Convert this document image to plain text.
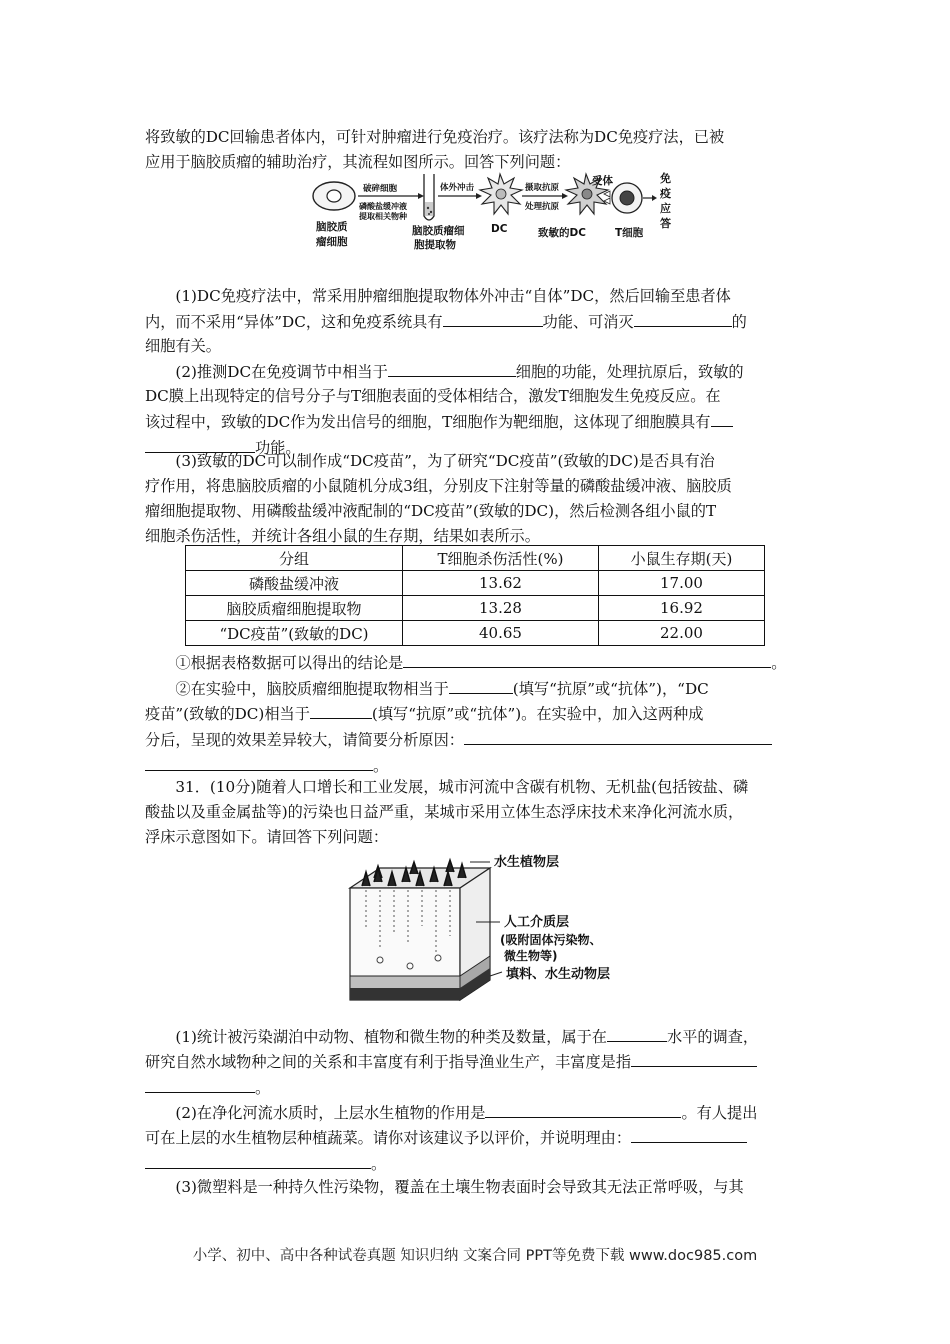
将致敏的DC回输患者体内，可针对肿瘤进行免疫治疗。该疗法称为DC免疫疗法，已被
应用于脑胶质瘤的辅助治疗，其流程如图所示。回答下列问题：

脑胶质
瘤细胞
破碎细胞
磷酸盐缓冲液
提取相关物种
脑胶质瘤细
胞提取物
体外冲击
DC
摄取抗原
处理抗原
致敏的DC
受体
T细胞
免
疫
应
答

(1)DC免疫疗法中，常采用肿瘤细胞提取物体外冲击“自体”DC，然后回输至患者体
内，而不采用“异体”DC，这和免疫系统具有	功能、可消灭	的

细胞有关。

(2)推测DC在免疫调节中相当于	细胞的功能，处理抗原后，致敏的

DC膜上出现特定的信号分子与T细胞表面的受体相结合，激发T细胞发生免疫反应。在
该过程中，致敏的DC作为发出信号的细胞，T细胞作为靶细胞，这体现了细胞膜具有
功能。

(3)致敏的DC可以制作成“DC疫苗”，为了研究“DC疫苗”(致敏的DC)是否具有治

疗作用，将患脑胶质瘤的小鼠随机分成3组，分别皮下注射等量的磷酸盐缓冲液、脑胶质
瘤细胞提取物、用磷酸盐缓冲液配制的“DC疫苗”(致敏的DC)，然后检测各组小鼠的T
细胞杀伤活性，并统计各组小鼠的生存期，结果如表所示。

分组	T细胞杀伤活性(%)	小鼠生存期(天)
磷酸盐缓冲液	13.62	17.00
脑胶质瘤细胞提取物	13.28	16.92
“DC疫苗”(致敏的DC)	40.65	22.00

①根据表格数据可以得出的结论是	。

②在实验中，脑胶质瘤细胞提取物相当于	(填写“抗原”或“抗体”)，“DC

疫苗”(致敏的DC)相当于	(填写“抗原”或“抗体”)。在实验中，加入这两种成
分后，呈现的效果差异较大，请简要分析原因：
。

31．(10分)随着人口增长和工业发展，城市河流中含碳有机物、无机盐(包括铵盐、磷

酸盐以及重金属盐等)的污染也日益严重，某城市采用立体生态浮床技术来净化河流水质，
浮床示意图如下。请回答下列问题：

水生植物层
人工介质层
(吸附固体污染物、
微生物等)
填料、水生动物层

(1)统计被污染湖泊中动物、植物和微生物的种类及数量，属于在	水平的调查，

研究自然水域物种之间的关系和丰富度有利于指导渔业生产，丰富度是指
。

(2)在净化河流水质时，上层水生植物的作用是	。有人提出

可在上层的水生植物层种植蔬菜。请你对该建议予以评价，并说明理由：
。

(3)微塑料是一种持久性污染物，覆盖在土壤生物表面时会导致其无法正常呼吸，与其

小学、初中、高中各种试卷真题 知识归纳 文案合同 PPT等免费下载 www.doc985.com
